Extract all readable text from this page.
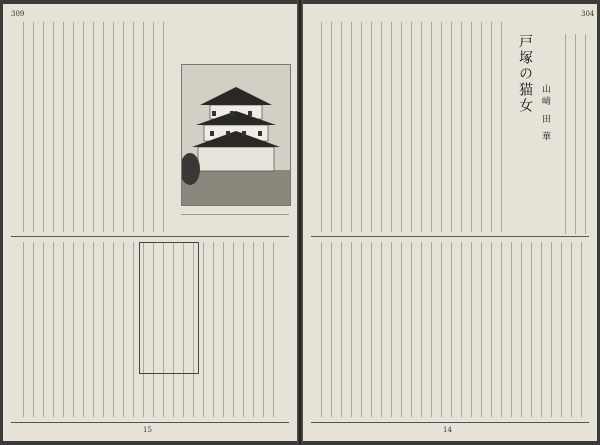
309
15
304
戸塚の猫女 山﨑 田 華
14
